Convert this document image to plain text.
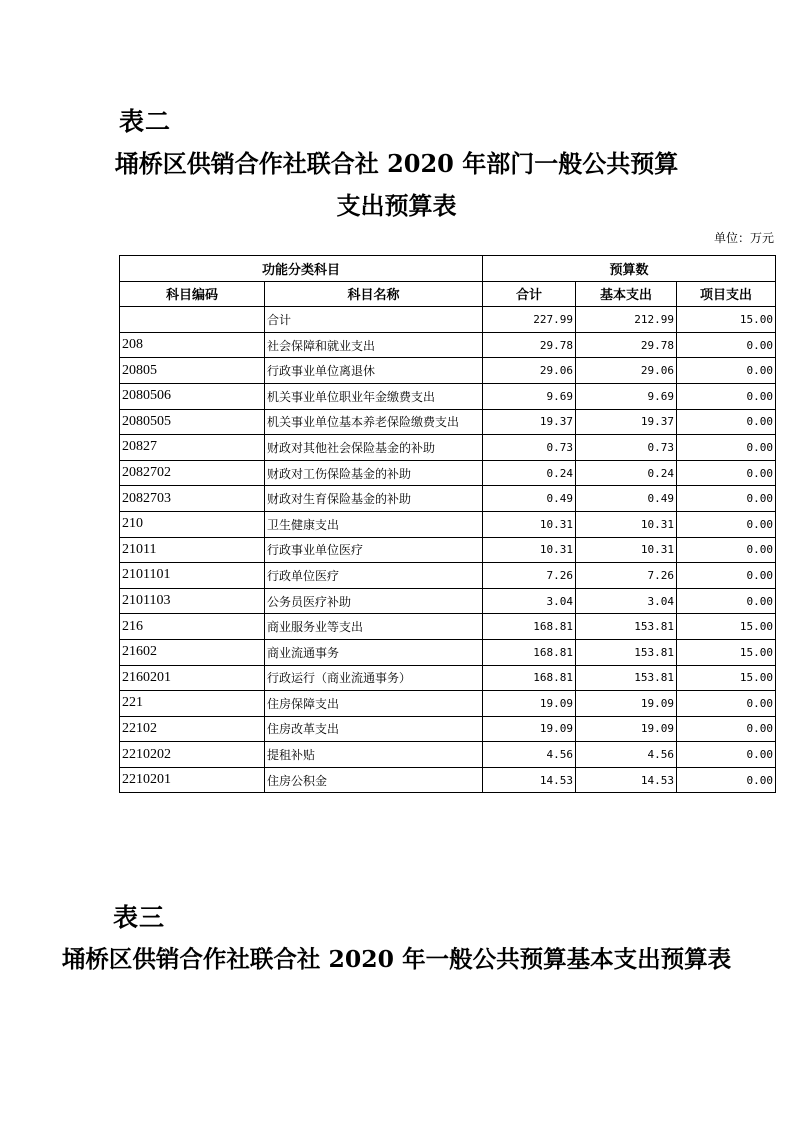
表二
埇桥区供销合作社联合社 2020 年部门一般公共预算
支出预算表
单位：万元
功能分类科目		预算数		
科目编码	科目名称	合计	基本支出	项目支出
	合计	227.99	212.99	15.00
208	社会保障和就业支出	29.78	29.78	0.00
20805	行政事业单位离退休	29.06	29.06	0.00
2080506	机关事业单位职业年金缴费支出	9.69	9.69	0.00
2080505	机关事业单位基本养老保险缴费支出	19.37	19.37	0.00
20827	财政对其他社会保险基金的补助	0.73	0.73	0.00
2082702	财政对工伤保险基金的补助	0.24	0.24	0.00
2082703	财政对生育保险基金的补助	0.49	0.49	0.00
210	卫生健康支出	10.31	10.31	0.00
21011	行政事业单位医疗	10.31	10.31	0.00
2101101	行政单位医疗	7.26	7.26	0.00
2101103	公务员医疗补助	3.04	3.04	0.00
216	商业服务业等支出	168.81	153.81	15.00
21602	商业流通事务	168.81	153.81	15.00
2160201	行政运行（商业流通事务）	168.81	153.81	15.00
221	住房保障支出	19.09	19.09	0.00
22102	住房改革支出	19.09	19.09	0.00
2210202	提租补贴	4.56	4.56	0.00
2210201	住房公积金	14.53	14.53	0.00
表三
埇桥区供销合作社联合社 2020 年一般公共预算基本支出预算表
